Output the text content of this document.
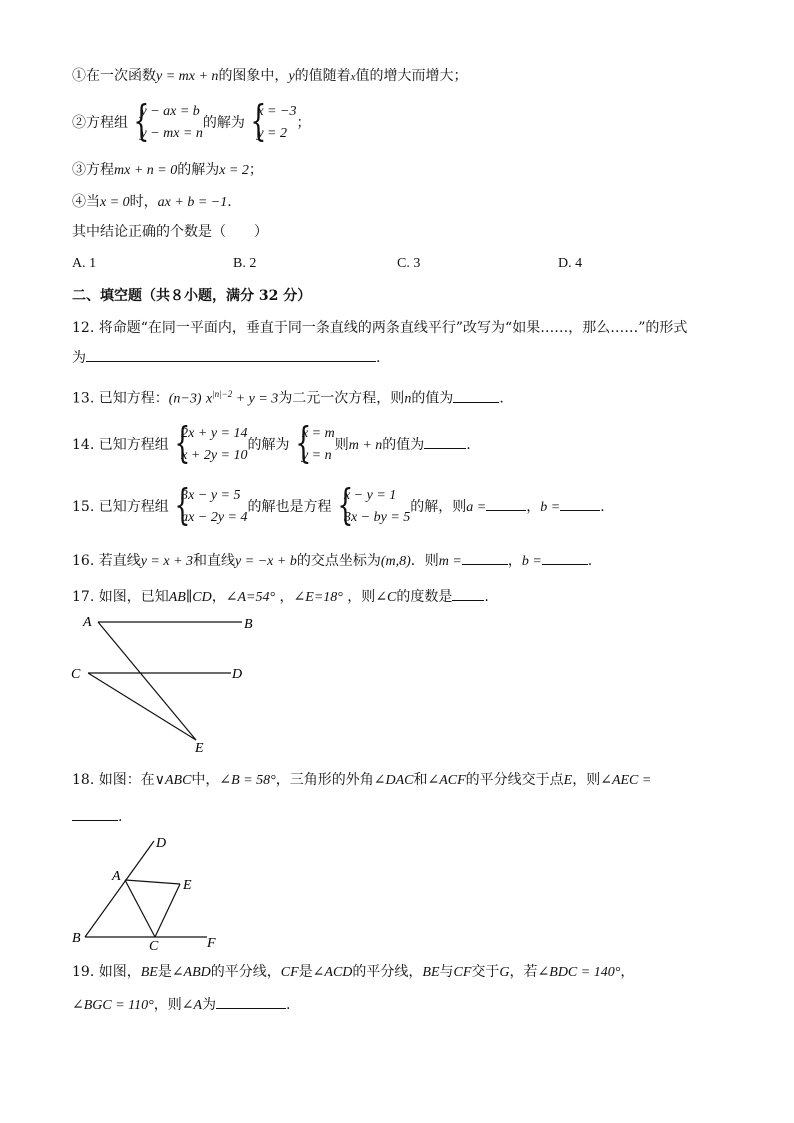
①在一次函数y = mx + n的图象中，y的值随着x值的增大而增大；
②方程组
{ y − ax = b
y − mx = n
的解为
{ x = −3
y = 2
；
③方程mx + n = 0的解为x = 2；
④当x = 0时，ax + b = −1.
其中结论正确的个数是（　　）
A. 1	B. 2	C. 3	D. 4
二、填空题（共８小题，满分 32 分）
12. 将命题“在同一平面内，垂直于同一条直线的两条直线平行”改写为“如果……，那么……”的形式
为	.
13. 已知方程：(n−3) $x^{|n|-2} + y = 3$为二元一次方程，则n的值为	.
14. 已知方程组
{ 2x + y = 14
x + 2y = 10
的解为
{ x = m
y = n
则m + n的值为	.
15. 已知方程组
{ 3x − y = 5
ax − 2y = 4
的解也是方程
{ x − y = 1
3x − by = 5
的解，则a =	，b =	.
16. 若直线y = x + 3和直线y = −x + b的交点坐标为(m,8)．则m =	，b =	.
17. 如图，已知AB∥CD，∠A=54° ，∠E=18° ，则∠C的度数是 .
A	B
C	D
E
18. 如图：在∨ABC中，∠B = 58°，三角形的外角∠DAC和∠ACF的平分线交于点E，则∠AEC =
.
D
A
E
B
C	F
19. 如图，BE是∠ABD的平分线，CF是∠ACD的平分线，BE与CF交于G，若∠BDC = 140°，
∠BGC = 110°，则∠A为	.
